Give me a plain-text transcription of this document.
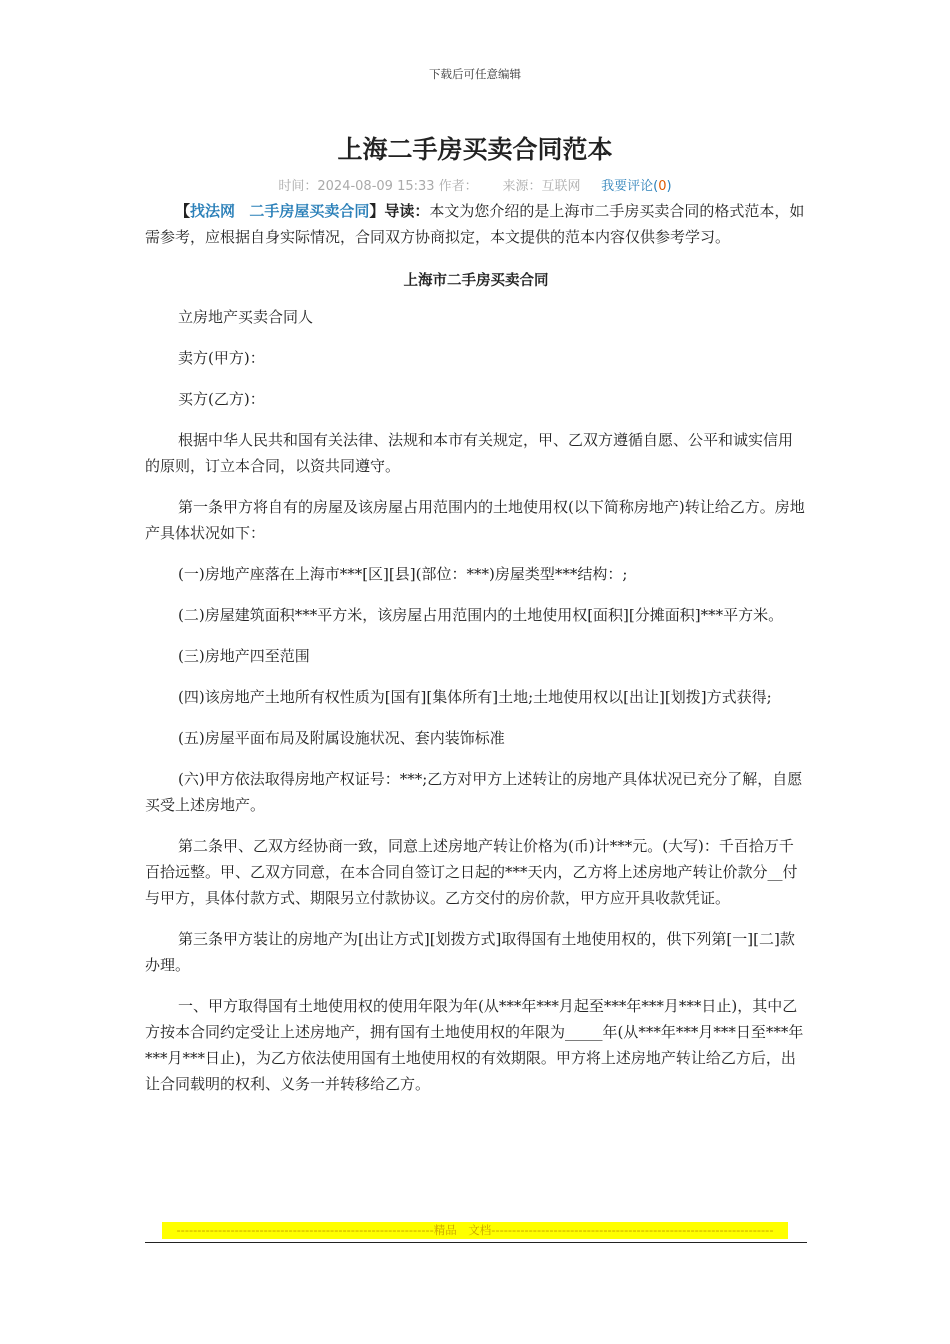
下载后可任意编辑
上海二手房买卖合同范本
时间：2024-08-09 15:33 作者： 来源：互联网 我要评论(0)

【找法网 二手房屋买卖合同】导读：本文为您介绍的是上海市二手房买卖合同的格式范本，如需参考，应根据自身实际情况，合同双方协商拟定，本文提供的范本内容仅供参考学习。

上海市二手房买卖合同

立房地产买卖合同人

卖方(甲方)：

买方(乙方)：

根据中华人民共和国有关法律、法规和本市有关规定，甲、乙双方遵循自愿、公平和诚实信用的原则，订立本合同，以资共同遵守。

第一条甲方将自有的房屋及该房屋占用范围内的土地使用权(以下简称房地产)转让给乙方。房地产具体状况如下：

(一)房地产座落在上海市***[区][县](部位：***)房屋类型***结构：;

(二)房屋建筑面积***平方米，该房屋占用范围内的土地使用权[面积][分摊面积]***平方米。

(三)房地产四至范围

(四)该房地产土地所有权性质为[国有][集体所有]土地;土地使用权以[出让][划拨]方式获得;

(五)房屋平面布局及附属设施状况、套内装饰标准

(六)甲方依法取得房地产权证号：***;乙方对甲方上述转让的房地产具体状况已充分了解，自愿买受上述房地产。

第二条甲、乙双方经协商一致，同意上述房地产转让价格为(币)计***元。(大写)：千百拾万千百拾远整。甲、乙双方同意，在本合同自签订之日起的***天内，乙方将上述房地产转让价款分__付与甲方，具体付款方式、期限另立付款协议。乙方交付的房价款，甲方应开具收款凭证。

第三条甲方装让的房地产为[出让方式][划拨方式]取得国有土地使用权的，供下列第[一][二]款办理。

一、甲方取得国有土地使用权的使用年限为年(从***年***月起至***年***月***日止)，其中乙方按本合同约定受让上述房地产，拥有国有土地使用权的年限为_____年(从***年***月***日至***年***月***日止)，为乙方依法使用国有土地使用权的有效期限。甲方将上述房地产转让给乙方后，出让合同载明的权利、义务一并转移给乙方。

--------------------------------------------------------------精品　文档--------------------------------------------------------------------
